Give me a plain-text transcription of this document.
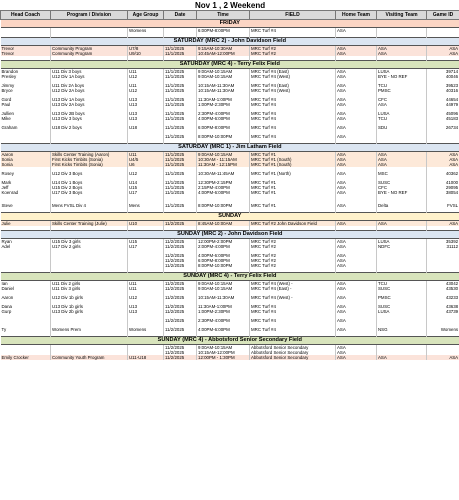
Nov 1 , 2 Weekend								
Head Coach	Program / Division	Age Group	Date	Time	FIELD	Home Team	Visiting Team	Game ID
FRIDAY								
		Womens		6:00PM-8:00PM	MRC Turf #4	ASA		

SATURDAY (MRC 2) - John Davidson Field								
Trevor	Community Program	U7/8	11/1/2025	9:15AM-10:30AM	MRC Turf #2	ASA	ASA	ASA
Trevor	Community Program	U9/10	11/1/2025	10:45AM-12:00PM	MRC Turf #2	ASA	ASA	ASA

SATURDAY (MRC 4) - Terry Felix Field								
Brandon	U11 Div 3 boys	U11	11/1/2025	9:00AM-10:15AM	MRC Turf #4 (East)	ASA	LUSA	39714
Presley	U12 Div 1A boys	U12	11/1/2025	9:00AM-10:15AM	MRC Turf #4 (West)	ASA	BYE - NO REF	40046

Jimmy	U11 Div 2A boys	U11	11/1/2025	10:15AM-11:30AM	MRC Turf #4 (East)	ASA	TCU	39523
Bryce	U12 Div 2A boys	U12	11/1/2025	10:15AM-11:30AM	MRC Turf #4 (West)	ASA	PMSC	40316

Gord	U13 Div 1A boys	U13	11/1/2025	11:30AM-1:00PM	MRC Turf #4	ASA	CFC	44654
Paul	U13 Div 2A boys	U13	11/1/2025	1:00PM-2:30PM	MRC Turf #4	ASA	ASA	44979

Jullien	U13 Div 2B boys	U13	11/1/2025	2:30PM-4:00PM	MRC Turf #4	ASA	LUSA	45096
Mike	U13 Div 3 boys	U13	11/1/2025	4:00PM-6:00PM	MRC Turf #4	ASA	TCU	45183

Graham	U18 Div 2 boys	U18	11/1/2025	6:00PM-8:00PM	MRC Turf #4	ASA	SDU	26734

			11/1/2025	8:00PM-10:00PM	MRC Turf #4	ASA		

SATURDAY (MRC 1) - Jim Latham Field								
Aaron	Skills Center Training (Aaron)	U11	11/1/2025	9:00AM-10:15AM	MRC Turf #1	ASA	ASA	ASA
Sonia	First Kicks Timbits (Sonia)	U4/5	11/1/2025	10:30AM - 11:15AM	MRC Turf #1 (South)	ASA	ASA	ASA
Sonia	First Kicks Timbits (Sonia)	U6	11/1/2025	11:30AM - 12:15PM	MRC Turf #1 (South)	ASA	ASA	ASA

Rosey	U12 Div 3 Boys	U12	11/1/2025	10:30AM-11:45AM	MRC Turf #1 (North)	ASA	MSC	40362

Mark	U14 Div 1 Boys	U14	11/1/2025	12:30PM-2:15PM	MRC Turf #1	ASA	SUSC	41000
Jeff	U15 Div 2 Boys	U15	11/1/2025	2:15PM-4:00PM	MRC Turf #1	ASA	CFC	29095
Koenrad	U17 Div 3 Boys	U17	11/1/2025	4:00PM-6:00PM	MRC Turf #1	ASA	BYE - NO REF	38054

Steve	Mens FVSL Div 4	Mens	11/1/2025	8:00PM-10:00PM	MRC Turf #1	ASA	Delta	FVSL

SUNDAY								
Julie	Skills Center Training (Julie)	U10	11/2/2025	8:45AM-10:00AM	MRC Turf #2 John Davidson Field	ASA	ASA	ASA

SUNDAY (MRC 2) - John Davidson Field								
Ryan	U15 Div 3 girls	U15	11/2/2025	12:00PM-2:00PM	MRC Turf #2	ASA	LUSA	35392
Adel	U17 Div 2 girls	U17	11/2/2025	2:00PM-4:00PM	MRC Turf #2	ASA	NDFC	31112

			11/2/2025	4:00PM-6:00PM	MRC Turf #2	ASA		
			11/2/2025	6:00PM-8:00PM	MRC Turf #2	ASA		
			11/2/2025	8:00PM-10:00PM	MRC Turf #2	ASA		

SUNDAY (MRC 4) - Terry Felix Field								
Ian	U11 Div 2 girls	U11	11/2/2025	9:00AM-10:15AM	MRC Turf #4 (West) -	ASA	TCU	43042
Daniel	U11 Div 3 girls	U11	11/2/2025	9:00AM-10:15AM	MRC Turf #4 (East) -	ASA	SUSC	43530

Aaron	U12 Div 1b girls	U12	11/2/2025	10:15AM-11:30AM	MRC Turf #4 (West) -	ASA	PMSC	43233

Dana	U13 Div 1b girls	U13	11/2/2025	11:30AM-1:00PM	MRC Turf #4	ASA	SUSC	43638
Gurp	U13 Div 2b girls	U13	11/2/2025	1:00PM-2:30PM	MRC Turf #4	ASA	LUSA	43739

			11/2/2025	2:30PM-4:00PM	MRC Turf #4	ASA		

Ty	Womens Prem	Womens	11/2/2025	4:00PM-6:00PM	MRC Turf #4	ASA	NSG	Womens

SUNDAY (MRC 4) - Abbotsford Senior Secondary Field								
			11/2/2025	9:00AM-10:15AM	Abbotsford Senior Secondary	ASA		
			11/2/2025	10:15AM-12:00PM	Abbotsford Senior Secondary	ASA		
Emily Crocker	Community Youth Program	U11-U18	11/2/2025	12:00PM - 1:30PM	Abbotsford Senior Secondary	ASA	ASA	ASA
